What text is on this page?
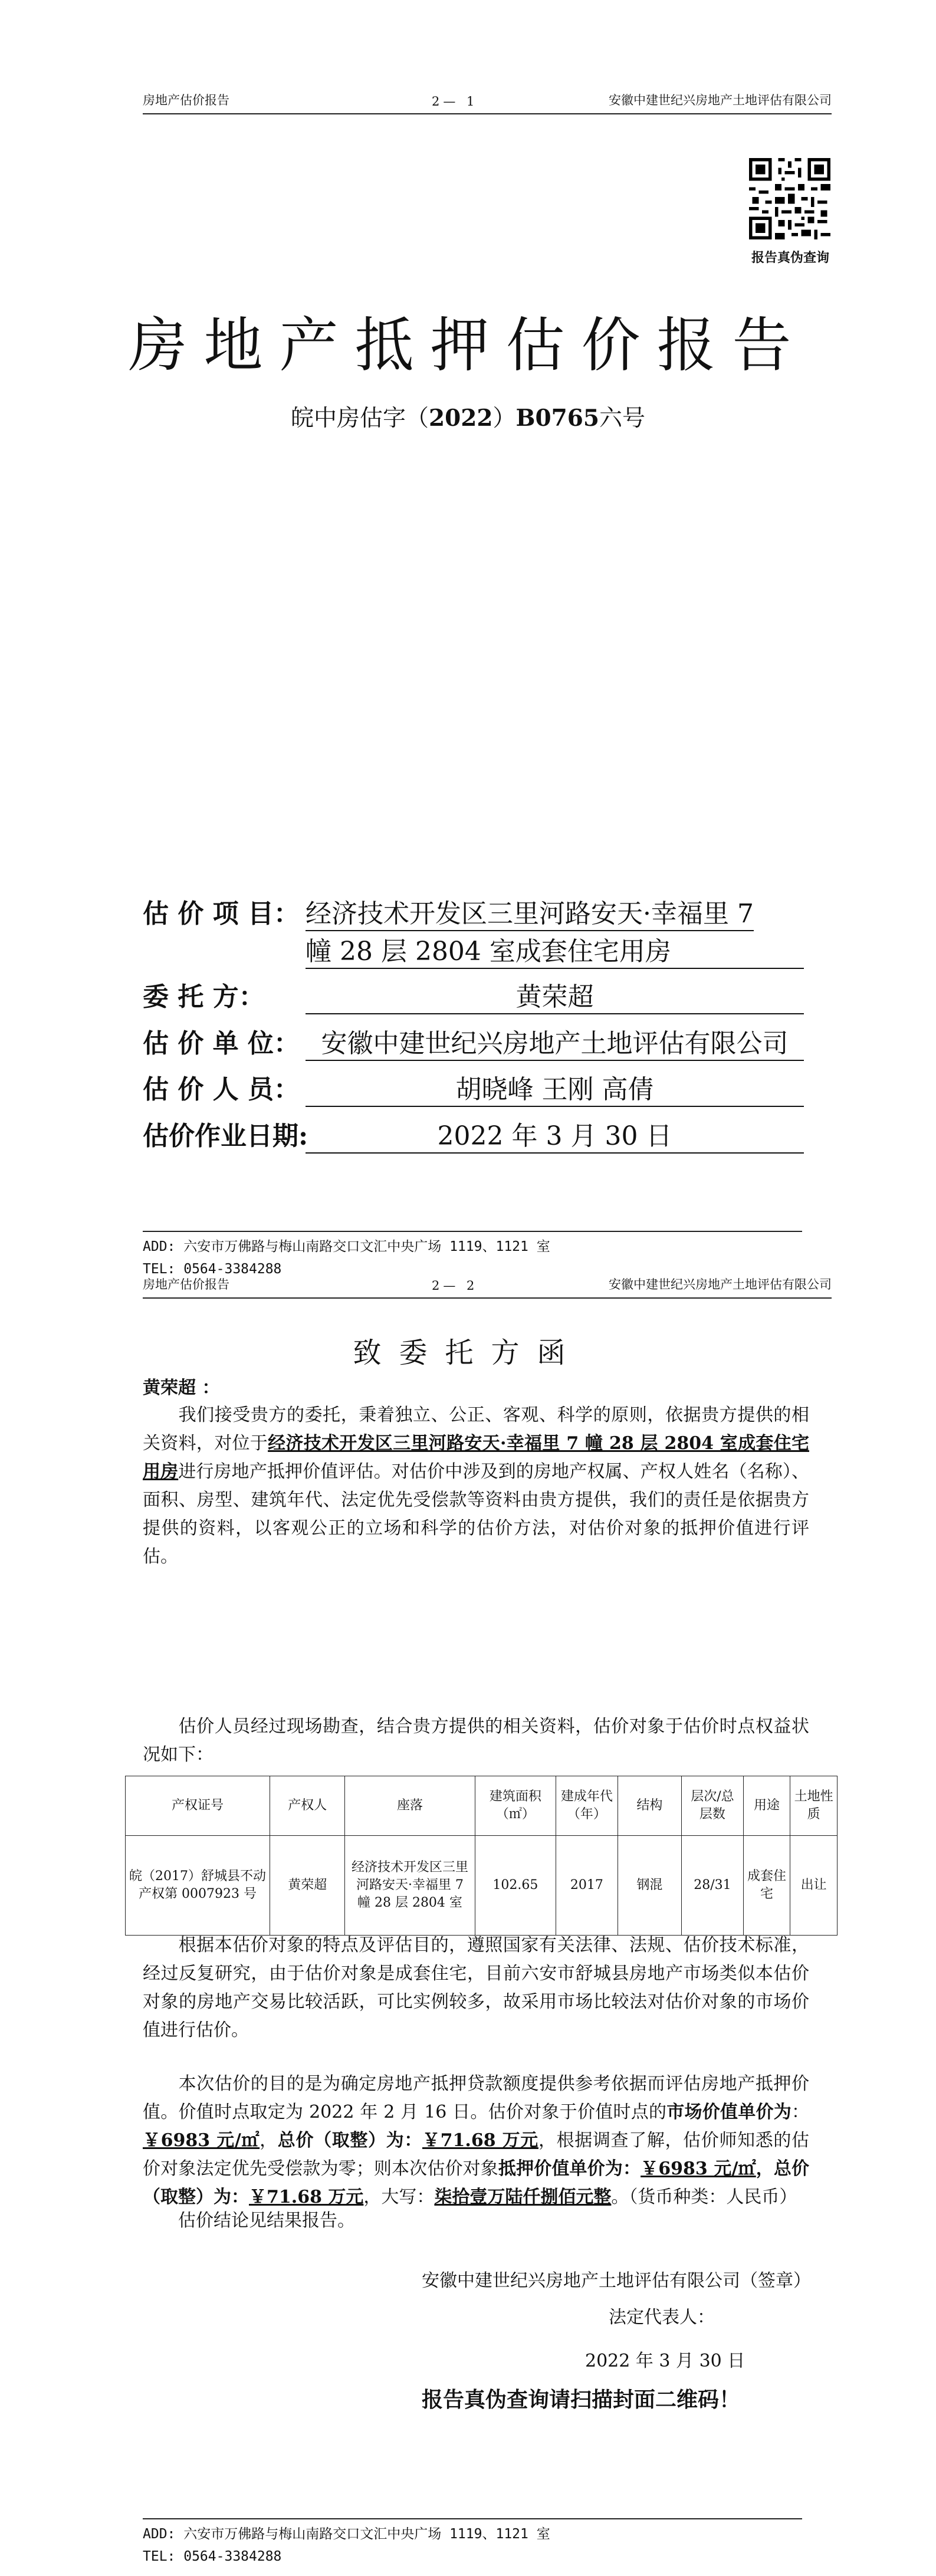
房地产估价报告	2— 1	安徽中建世纪兴房地产土地评估有限公司
报告真伪查询
房地产抵押估价报告
皖中房估字（2022）B0765六号
估 价 项 目： 经济技术开发区三里河路安天·幸福里 7
幢 28 层 2804 室成套住宅用房
委 托 方：	黄荣超
估 价 单 位： 安徽中建世纪兴房地产土地评估有限公司
估 价 人 员：	胡晓峰 王刚 高倩
估价作业日期:	2022 年 3 月 30 日
ADD: 六安市万佛路与梅山南路交口文汇中央广场 1119、1121 室
TEL: 0564-3384288
房地产估价报告	2— 2	安徽中建世纪兴房地产土地评估有限公司
致委托方函
黄荣超 ：
我们接受贵方的委托，秉着独立、公正、客观、科学的原则，依据贵方提供的相关资料，对位于经济技术开发区三里河路安天·幸福里 7 幢 28 层 2804 室成套住宅用房进行房地产抵押价值评估。对估价中涉及到的房地产权属、产权人姓名（名称）、面积、房型、建筑年代、法定优先受偿款等资料由贵方提供，我们的责任是依据贵方提供的资料，以客观公正的立场和科学的估价方法，对估价对象的抵押价值进行评估。
估价人员经过现场勘查，结合贵方提供的相关资料，估价对象于估价时点权益状况如下：
产权证号	产权人	座落	建筑面积（㎡）	建成年代（年）	结构	层次/总层数	用途	土地性质
皖（2017）舒城县不动产权第 0007923 号	黄荣超	经济技术开发区三里河路安天·幸福里 7 幢 28 层 2804 室	102.65	2017	钢混	28/31	成套住宅	出让
根据本估价对象的特点及评估目的，遵照国家有关法律、法规、估价技术标准，经过反复研究，由于估价对象是成套住宅，目前六安市舒城县房地产市场类似本估价对象的房地产交易比较活跃，可比实例较多，故采用市场比较法对估价对象的市场价值进行估价。
本次估价的目的是为确定房地产抵押贷款额度提供参考依据而评估房地产抵押价值。价值时点取定为 2022 年 2 月 16 日。估价对象于价值时点的市场价值单价为：￥6983 元/㎡，总价（取整）为：￥71.68 万元，根据调查了解，估价师知悉的估价对象法定优先受偿款为零；则本次估价对象抵押价值单价为：￥6983 元/㎡，总价（取整）为：￥71.68 万元，大写：柒拾壹万陆仟捌佰元整。（货币种类：人民币）
估价结论见结果报告。
安徽中建世纪兴房地产土地评估有限公司（签章）
法定代表人：
2022 年 3 月 30 日
报告真伪查询请扫描封面二维码！
ADD: 六安市万佛路与梅山南路交口文汇中央广场 1119、1121 室
TEL: 0564-3384288
